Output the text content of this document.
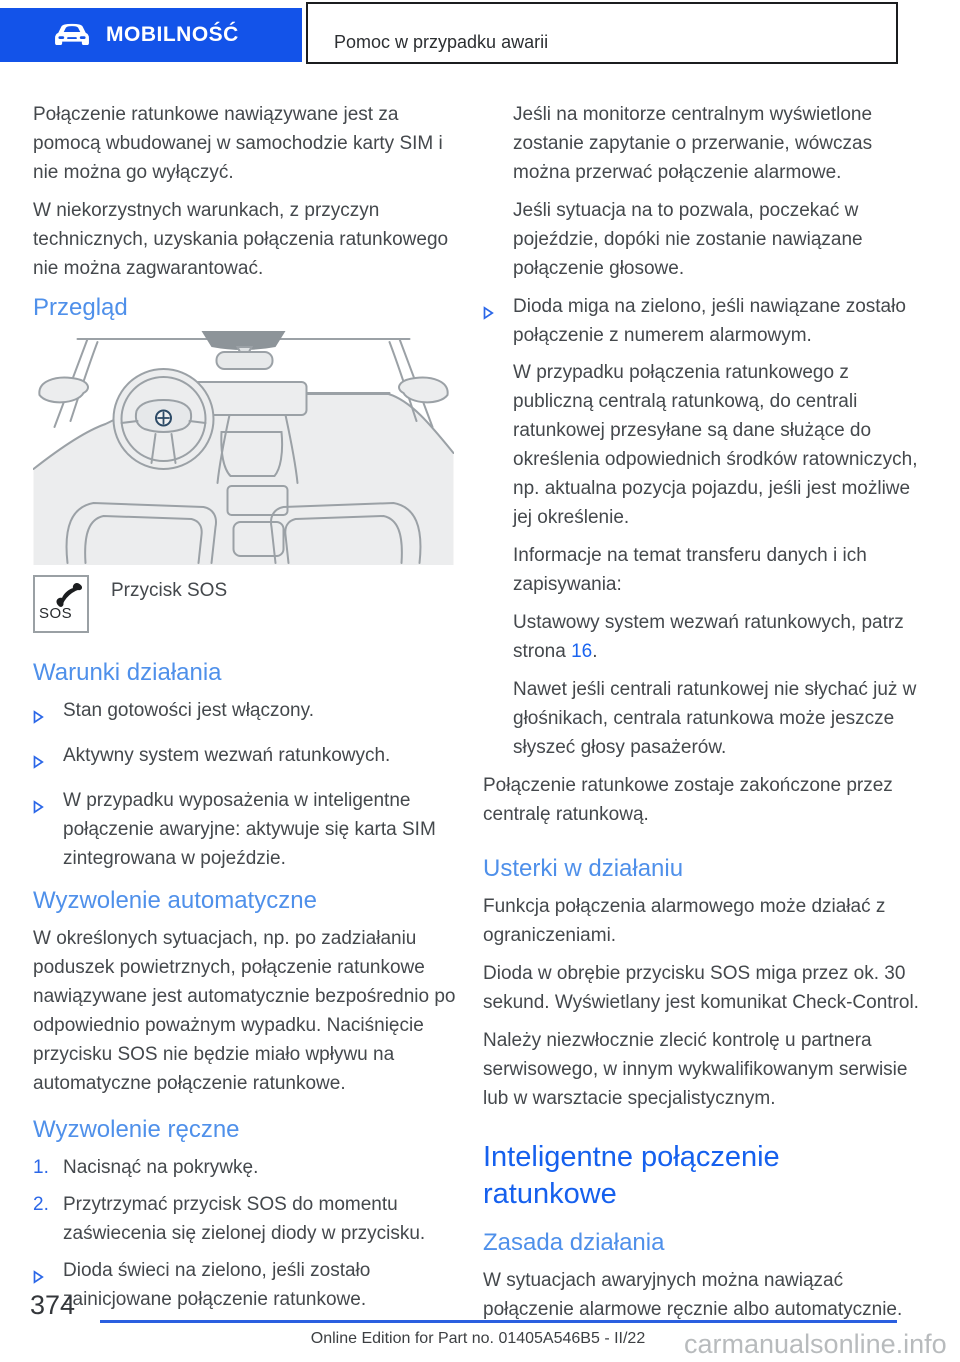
MOBILNOŚĆ	Pomoc w przypadku awarii

Połączenie ratunkowe nawiązywane jest za pomocą wbudowanej w samochodzie karty SIM i nie można go wyłączyć.

W niekorzystnych warunkach, z przyczyn technicznych, uzyskania połączenia ratunkowego nie można zagwarantować.

Przegląd
SOS
Przycisk SOS
Warunki działania
Stan gotowości jest włączony.
Aktywny system wezwań ratunkowych.
W przypadku wyposażenia w inteligentne połączenie awaryjne: aktywuje się karta SIM zintegrowana w pojeździe.
Wyzwolenie automatyczne

W określonych sytuacjach, np. po zadziałaniu poduszek powietrznych, połączenie ratunkowe nawiązywane jest automatycznie bezpośrednio po odpowiednio poważnym wypadku. Naciśnięcie przycisku SOS nie będzie miało wpływu na automatyczne połączenie ratunkowe.

Wyzwolenie ręczne
1. Nacisnąć na pokrywkę.
2. Przytrzymać przycisk SOS do momentu zaświecenia się zielonej diody w przycisku.
Dioda świeci na zielono, jeśli zostało zainicjowane połączenie ratunkowe.

Jeśli na monitorze centralnym wyświetlone zostanie zapytanie o przerwanie, wówczas można przerwać połączenie alarmowe.

Jeśli sytuacja na to pozwala, poczekać w pojeździe, dopóki nie zostanie nawiązane połączenie głosowe.

Dioda miga na zielono, jeśli nawiązane zostało połączenie z numerem alarmowym.

W przypadku połączenia ratunkowego z publiczną centralą ratunkową, do centrali ratunkowej przesyłane są dane służące do określenia odpowiednich środków ratowniczych, np. aktualna pozycja pojazdu, jeśli jest możliwe jej określenie.

Informacje na temat transferu danych i ich zapisywania:

Ustawowy system wezwań ratunkowych, patrz strona 16.

Nawet jeśli centrali ratunkowej nie słychać już w głośnikach, centrala ratunkowa może jeszcze słyszeć głosy pasażerów.

Połączenie ratunkowe zostaje zakończone przez centralę ratunkową.

Usterki w działaniu

Funkcja połączenia alarmowego może działać z ograniczeniami.

Dioda w obrębie przycisku SOS miga przez ok. 30 sekund. Wyświetlany jest komunikat Check-Control.

Należy niezwłocznie zlecić kontrolę u partnera serwisowego, w innym wykwalifikowanym serwisie lub w warsztacie specjalistycznym.

Inteligentne połączenie ratunkowe
Zasada działania

W sytuacjach awaryjnych można nawiązać połączenie alarmowe ręcznie albo automatycznie.

374
Online Edition for Part no. 01405A546B5 - II/22	carmanualsonline.info
